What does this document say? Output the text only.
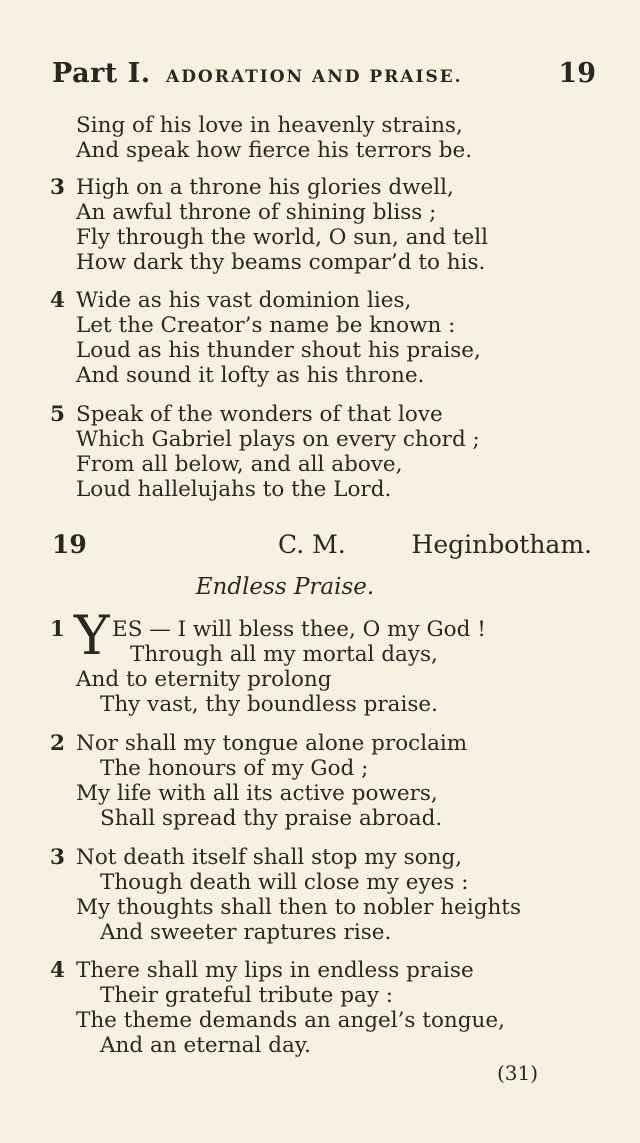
Part I. ADORATION AND PRAISE.	19
Sing of his love in heavenly strains,
And speak how fierce his terrors be.
3 High on a throne his glories dwell,
An awful throne of shining bliss ;
Fly through the world, O sun, and tell
How dark thy beams compar’d to his.
4 Wide as his vast dominion lies,
Let the Creator’s name be known :
Loud as his thunder shout his praise,
And sound it lofty as his throne.
5 Speak of the wonders of that love
Which Gabriel plays on every chord ;
From all below, and all above,
Loud hallelujahs to the Lord.
19	C. M.	Heginbotham.
Endless Praise.
1 Y ES — I will bless thee, O my God !
Through all my mortal days,
And to eternity prolong
Thy vast, thy boundless praise.
2 Nor shall my tongue alone proclaim
The honours of my God ;
My life with all its active powers,
Shall spread thy praise abroad.
3 Not death itself shall stop my song,
Though death will close my eyes :
My thoughts shall then to nobler heights
And sweeter raptures rise.
4 There shall my lips in endless praise
Their grateful tribute pay :
The theme demands an angel’s tongue,
And an eternal day.
(31)
